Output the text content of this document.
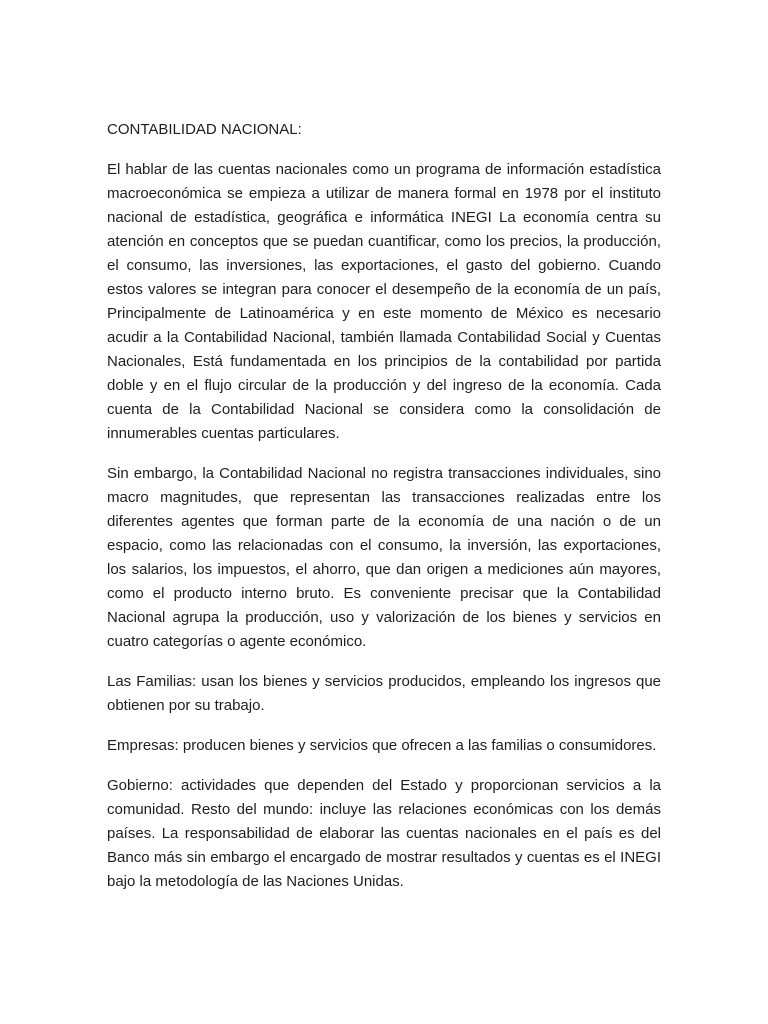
CONTABILIDAD NACIONAL:

El hablar de las cuentas nacionales como un programa de información estadística macroeconómica se empieza a utilizar de manera formal en 1978 por el instituto nacional de estadística, geográfica e informática INEGI La economía centra su atención en conceptos que se puedan cuantificar, como los precios, la producción, el consumo, las inversiones, las exportaciones, el gasto del gobierno. Cuando estos valores se integran para conocer el desempeño de la economía de un país, Principalmente de Latinoamérica y en este momento de México es necesario acudir a la Contabilidad Nacional, también llamada Contabilidad Social y Cuentas Nacionales, Está fundamentada en los principios de la contabilidad por partida doble y en el flujo circular de la producción y del ingreso de la economía. Cada cuenta de la Contabilidad Nacional se considera como la consolidación de innumerables cuentas particulares.

Sin embargo, la Contabilidad Nacional no registra transacciones individuales, sino macro magnitudes, que representan las transacciones realizadas entre los diferentes agentes que forman parte de la economía de una nación o de un espacio, como las relacionadas con el consumo, la inversión, las exportaciones, los salarios, los impuestos, el ahorro, que dan origen a mediciones aún mayores, como el producto interno bruto. Es conveniente precisar que la Contabilidad Nacional agrupa la producción, uso y valorización de los bienes y servicios en cuatro categorías o agente económico.

Las Familias: usan los bienes y servicios producidos, empleando los ingresos que obtienen por su trabajo.

Empresas: producen bienes y servicios que ofrecen a las familias o consumidores.

Gobierno: actividades que dependen del Estado y proporcionan servicios a la comunidad. Resto del mundo: incluye las relaciones económicas con los demás países. La responsabilidad de elaborar las cuentas nacionales en el país es del Banco más sin embargo el encargado de mostrar resultados y cuentas es el INEGI bajo la metodología de las Naciones Unidas.
